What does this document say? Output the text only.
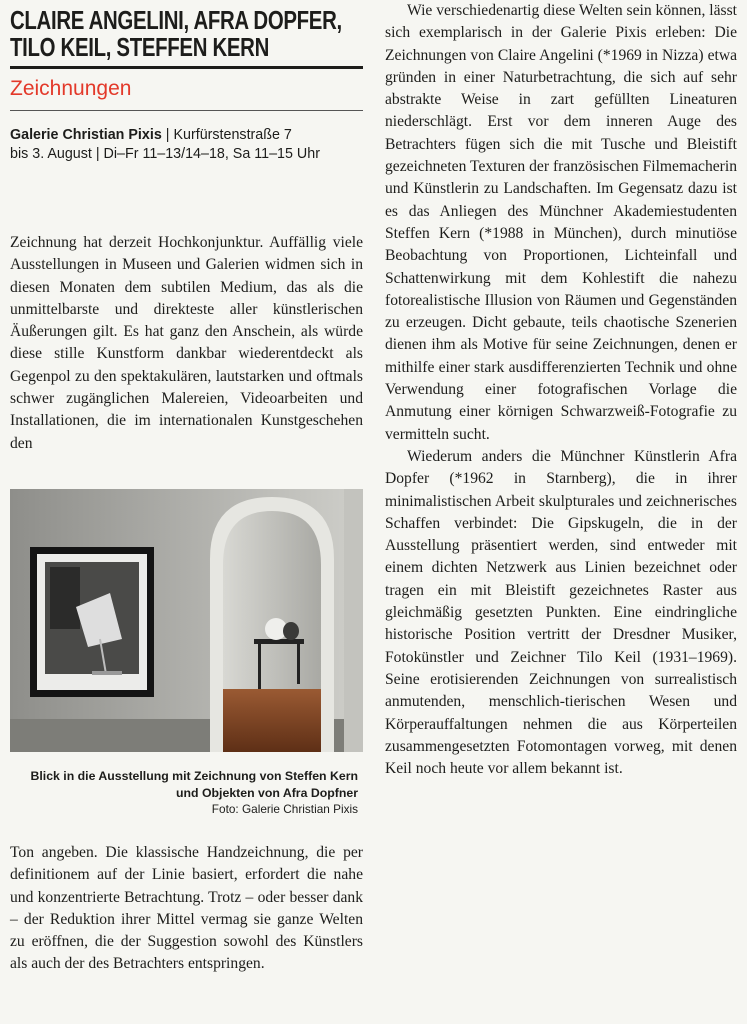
CLAIRE ANGELINI, AFRA DOPFER,
TILO KEIL, STEFFEN KERN
Zeichnungen
Galerie Christian Pixis | Kurfürstenstraße 7
bis 3. August | Di–Fr 11–13/14–18, Sa 11–15 Uhr

Zeichnung hat derzeit Hochkonjunktur. Auffällig viele Ausstellungen in Museen und Galerien widmen sich in diesen Monaten dem subtilen Medium, das als die unmittelbarste und direkteste aller künstlerischen Äußerungen gilt. Es hat ganz den Anschein, als würde diese stille Kunstform dankbar wiederentdeckt als Gegenpol zu den spektakulären, lautstarken und oftmals schwer zugänglichen Malereien, Videoarbeiten und Installationen, die im internationalen Kunstgeschehen den

Blick in die Ausstellung mit Zeichnung von Steffen Kern und Objekten von Afra Dopfner
Foto: Galerie Christian Pixis

Ton angeben. Die klassische Handzeichnung, die per definitionem auf der Linie basiert, erfordert die nahe und konzentrierte Betrachtung. Trotz – oder besser dank – der Reduktion ihrer Mittel vermag sie ganze Welten zu eröffnen, die der Suggestion sowohl des Künstlers als auch der des Betrachters entspringen.

Wie verschiedenartig diese Welten sein können, lässt sich exemplarisch in der Galerie Pixis erleben: Die Zeichnungen von Claire Angelini (*1969 in Nizza) etwa gründen in einer Naturbetrachtung, die sich auf sehr abstrakte Weise in zart gefüllten Lineaturen niederschlägt. Erst vor dem inneren Auge des Betrachters fügen sich die mit Tusche und Bleistift gezeichneten Texturen der französischen Filmemacherin und Künstlerin zu Landschaften. Im Gegensatz dazu ist es das Anliegen des Münchner Akademiestudenten Steffen Kern (*1988 in München), durch minutiöse Beobachtung von Proportionen, Lichteinfall und Schattenwirkung mit dem Kohlestift die nahezu fotorealistische Illusion von Räumen und Gegenständen zu erzeugen. Dicht gebaute, teils chaotische Szenerien dienen ihm als Motive für seine Zeichnungen, denen er mithilfe einer stark ausdifferenzierten Technik und ohne Verwendung einer fotografischen Vorlage die Anmutung einer körnigen Schwarzweiß-Fotografie zu vermitteln sucht.

Wiederum anders die Münchner Künstlerin Afra Dopfer (*1962 in Starnberg), die in ihrer minimalistischen Arbeit skulpturales und zeichnerisches Schaffen verbindet: Die Gipskugeln, die in der Ausstellung präsentiert werden, sind entweder mit einem dichten Netzwerk aus Linien bezeichnet oder tragen ein mit Bleistift gezeichnetes Raster aus gleichmäßig gesetzten Punkten. Eine eindringliche historische Position vertritt der Dresdner Musiker, Fotokünstler und Zeichner Tilo Keil (1931–1969). Seine erotisierenden Zeichnungen von surrealistisch anmutenden, menschlich-tierischen Wesen und Körperauffaltungen nehmen die aus Körperteilen zusammengesetzten Fotomontagen vorweg, mit denen Keil noch heute vor allem bekannt ist.
